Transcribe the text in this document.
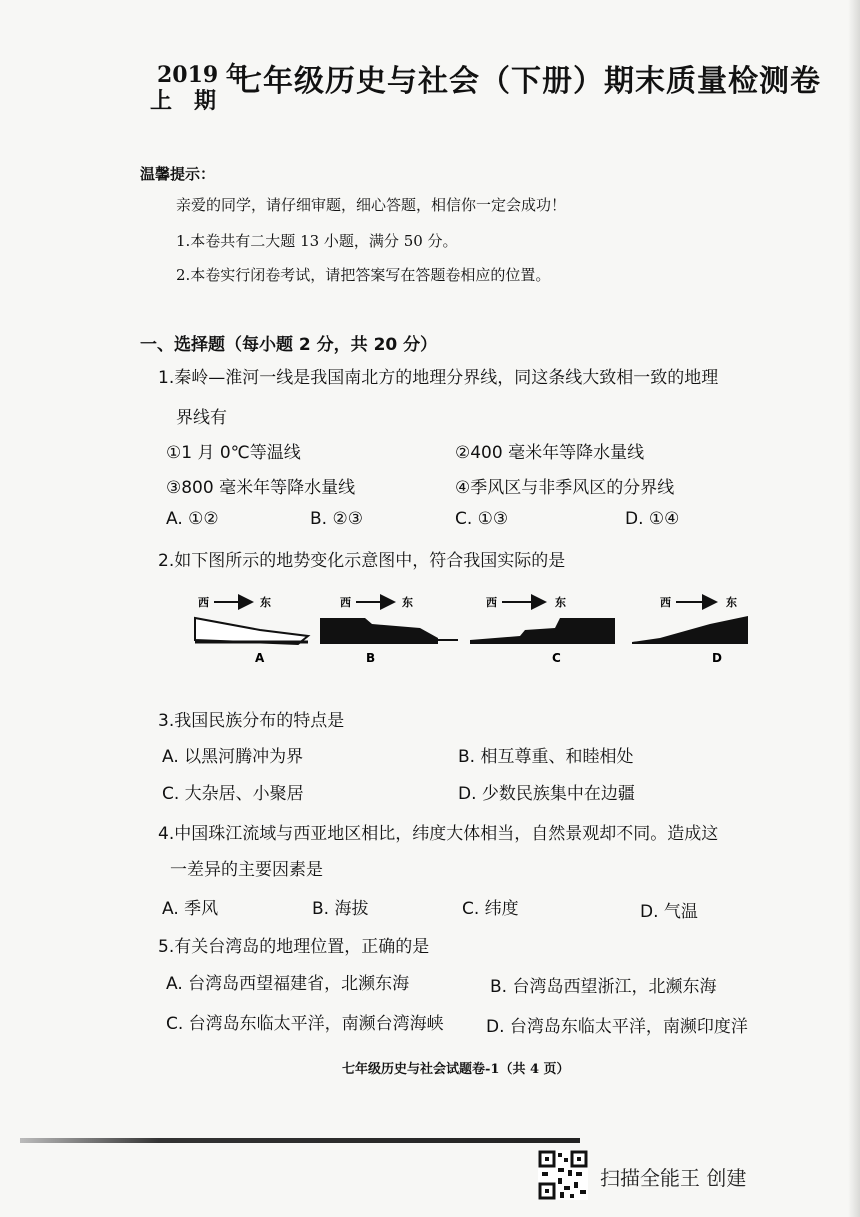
2019 年
上期
七年级历史与社会（下册）期末质量检测卷
温馨提示：
亲爱的同学，请仔细审题，细心答题，相信你一定会成功！
1.本卷共有二大题 13 小题，满分 50 分。
2.本卷实行闭卷考试，请把答案写在答题卷相应的位置。
一、选择题（每小题 2 分，共 20 分）
1.秦岭—淮河一线是我国南北方的地理分界线，同这条线大致相一致的地理
界线有
①1 月 0℃等温线	②400 毫米年等降水量线
③800 毫米年等降水量线	④季风区与非季风区的分界线
A. ①②	B. ②③	C. ①③	D. ①④
2.如下图所示的地势变化示意图中，符合我国实际的是
西	东
A
西	东
B
西	东
C
西	东
D
3.我国民族分布的特点是
A. 以黑河腾冲为界	B. 相互尊重、和睦相处
C. 大杂居、小聚居	D. 少数民族集中在边疆
4.中国珠江流域与西亚地区相比，纬度大体相当，自然景观却不同。造成这
一差异的主要因素是
A. 季风	B. 海拔	C. 纬度	D. 气温
5.有关台湾岛的地理位置，正确的是
A. 台湾岛西望福建省，北濒东海	B. 台湾岛西望浙江，北濒东海
C. 台湾岛东临太平洋，南濒台湾海峡 D. 台湾岛东临太平洋，南濒印度洋
七年级历史与社会试题卷-1（共 4 页）
扫描全能王 创建
